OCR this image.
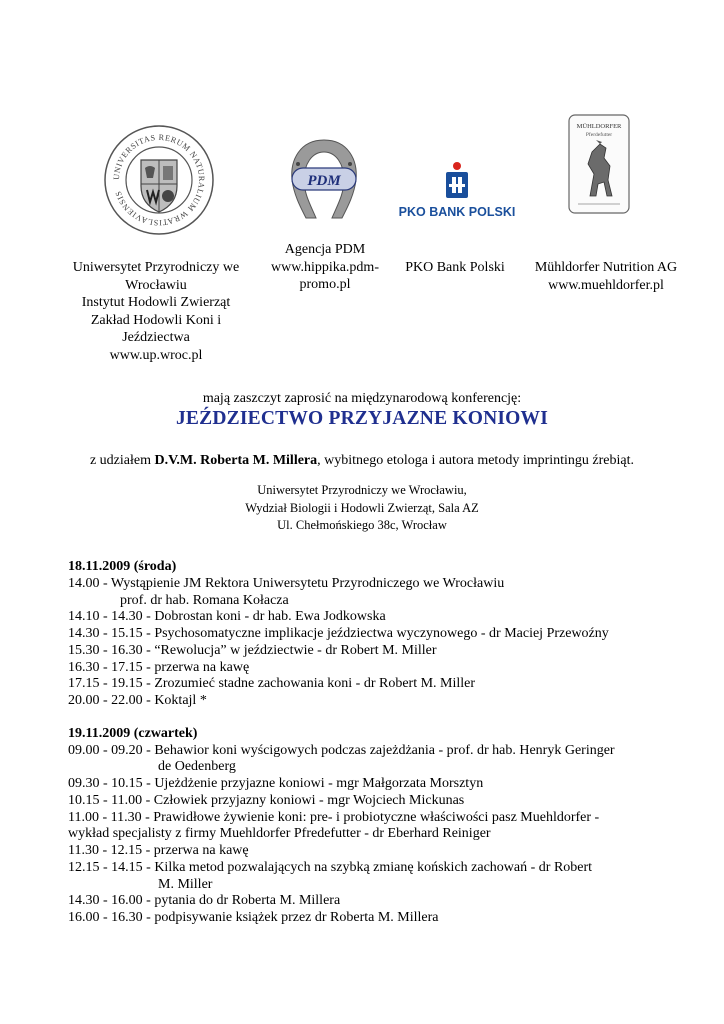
UNIVERSITAS RERUM NATURALIUM WRATISLAVIENSIS
PDM
PKO BANK POLSKI
MÜHLDORFER
Pferdefutter
Uniwersytet Przyrodniczy we
Wrocławiu
Instytut Hodowli Zwierząt
Zakład Hodowli Koni i
Jeździectwa
www.up.wroc.pl
Agencja PDM
www.hippika.pdm-
promo.pl
PKO Bank Polski	Mühldorfer Nutrition AG
www.muehldorfer.pl
mają zaszczyt zaprosić na międzynarodową konferencję:
JEŹDZIECTWO PRZYJAZNE KONIOWI
z udziałem D.V.M. Roberta M. Millera, wybitnego etologa i autora metody imprintingu źrebiąt.
Uniwersytet Przyrodniczy we Wrocławiu,
Wydział Biologii i Hodowli Zwierząt, Sala AZ
Ul. Chełmońskiego 38c, Wrocław
18.11.2009 (środa)
14.00 - Wystąpienie JM Rektora Uniwersytetu Przyrodniczego we Wrocławiu
prof. dr hab. Romana Kołacza
14.10 - 14.30 - Dobrostan koni - dr hab. Ewa Jodkowska
14.30 - 15.15 - Psychosomatyczne implikacje jeździectwa wyczynowego - dr Maciej Przewoźny
15.30 - 16.30 - “Rewolucja” w jeździectwie - dr Robert M. Miller
16.30 - 17.15 - przerwa na kawę
17.15 - 19.15 - Zrozumieć stadne zachowania koni - dr Robert M. Miller
20.00 - 22.00 - Koktajl *
19.11.2009 (czwartek)
09.00 - 09.20 - Behawior koni wyścigowych podczas zajeżdżania - prof. dr hab. Henryk Geringer
de Oedenberg
09.30 - 10.15 - Ujeżdżenie przyjazne koniowi - mgr Małgorzata Morsztyn
10.15 - 11.00 - Człowiek przyjazny koniowi - mgr Wojciech Mickunas
11.00 - 11.30 - Prawidłowe żywienie koni: pre- i probiotyczne właściwości pasz Muehldorfer -
wykład specjalisty z firmy Muehldorfer Pfredefutter - dr Eberhard Reiniger
11.30 - 12.15 - przerwa na kawę
12.15 - 14.15 - Kilka metod pozwalających na szybką zmianę końskich zachowań - dr Robert
M. Miller
14.30 - 16.00 - pytania do dr Roberta M. Millera
16.00 - 16.30 - podpisywanie książek przez dr Roberta M. Millera
